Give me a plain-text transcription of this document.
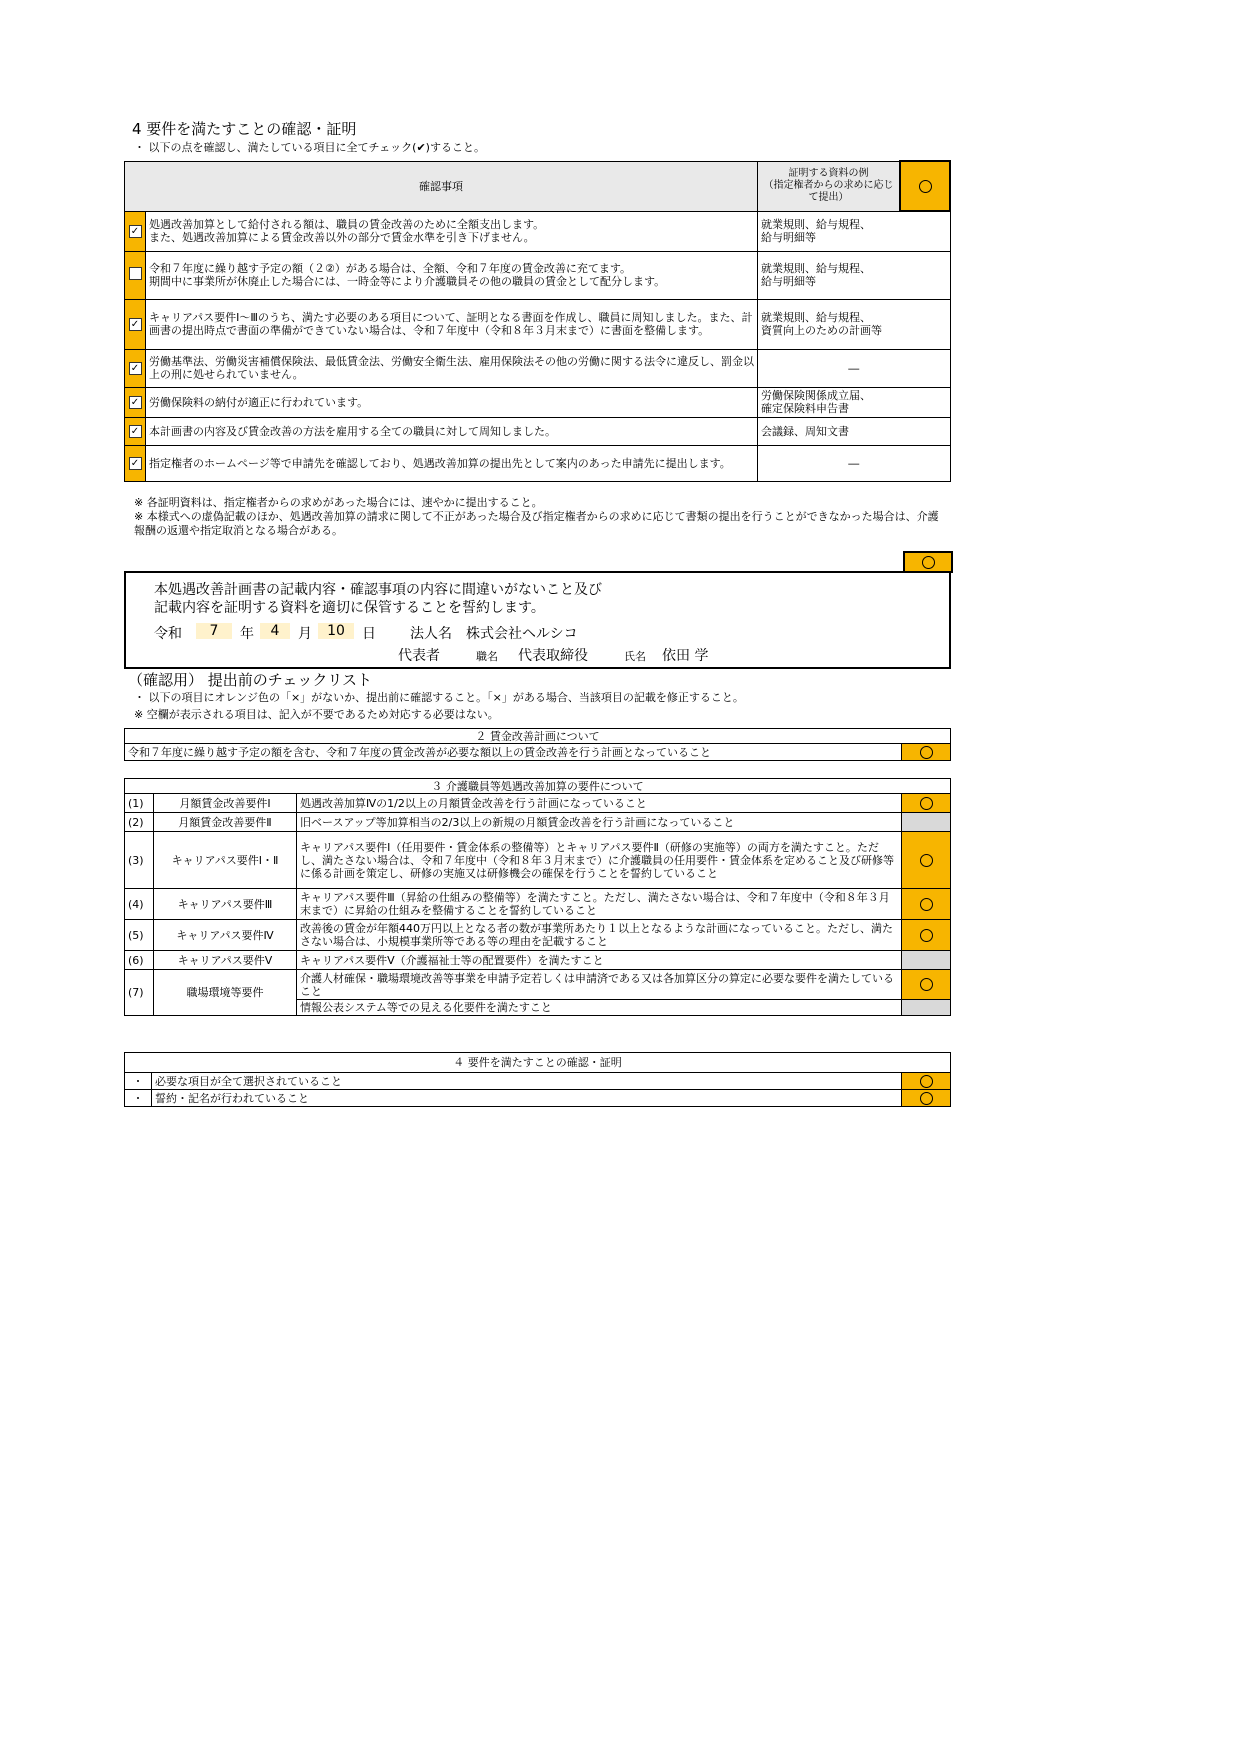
4 要件を満たすことの確認・証明
・ 以下の点を確認し、満たしている項目に全てチェック(✔)すること。
確認事項		証明する資料の例
（指定権者からの求めに応じて提出）	
✓	処遇改善加算として給付される額は、職員の賃金改善のために全額支出します。
また、処遇改善加算による賃金改善以外の部分で賃金水準を引き下げません。	就業規則、給与規程、
給与明細等	
	令和７年度に繰り越す予定の額（２②）がある場合は、全額、令和７年度の賃金改善に充てます。
期間中に事業所が休廃止した場合には、一時金等により介護職員その他の職員の賃金として配分します。	就業規則、給与規程、
給与明細等	
✓	キャリアパス要件Ⅰ～Ⅲのうち、満たす必要のある項目について、証明となる書面を作成し、職員に周知しました。また、計画書の提出時点で書面の準備ができていない場合は、令和７年度中（令和８年３月末まで）に書面を整備します。	就業規則、給与規程、
資質向上のための計画等	
✓	労働基準法、労働災害補償保険法、最低賃金法、労働安全衛生法、雇用保険法その他の労働に関する法令に違反し、罰金以上の刑に処せられていません。	―	
✓	労働保険料の納付が適正に行われています。	労働保険関係成立届、
確定保険料申告書	
✓	本計画書の内容及び賃金改善の方法を雇用する全ての職員に対して周知しました。	会議録、周知文書	
✓	指定権者のホームページ等で申請先を確認しており、処遇改善加算の提出先として案内のあった申請先に提出します。	―	
※ 各証明資料は、指定権者からの求めがあった場合には、速やかに提出すること。
※ 本様式への虚偽記載のほか、処遇改善加算の請求に関して不正があった場合及び指定権者からの求めに応じて書類の提出を行うことができなかった場合は、介護報酬の返還や指定取消となる場合がある。
本処遇改善計画書の記載内容・確認事項の内容に間違いがないこと及び
記載内容を証明する資料を適切に保管することを誓約します。
令和	7	年	4	月	10	日 法人名 株式会社ヘルシコ
代表者	職名 代表取締役	氏名 依田 学
（確認用） 提出前のチェックリスト
・ 以下の項目にオレンジ色の「×」がないか、提出前に確認すること。「×」がある場合、当該項目の記載を修正すること。
※ 空欄が表示される項目は、記入が不要であるため対応する必要はない。
２ 賃金改善計画について
令和７年度に繰り越す予定の額を含む、令和７年度の賃金改善が必要な額以上の賃金改善を行う計画となっていること	
３ 介護職員等処遇改善加算の要件について			
(1)	月額賃金改善要件Ⅰ	処遇改善加算Ⅳの1/2以上の月額賃金改善を行う計画になっていること	
(2)	月額賃金改善要件Ⅱ	旧ベースアップ等加算相当の2/3以上の新規の月額賃金改善を行う計画になっていること	
(3)	キャリアパス要件Ⅰ・Ⅱ	キャリアパス要件Ⅰ（任用要件・賃金体系の整備等）とキャリアパス要件Ⅱ（研修の実施等）の両方を満たすこと。ただし、満たさない場合は、令和７年度中（令和８年３月末まで）に介護職員の任用要件・賃金体系を定めること及び研修等に係る計画を策定し、研修の実施又は研修機会の確保を行うことを誓約していること	
(4)	キャリアパス要件Ⅲ	キャリアパス要件Ⅲ（昇給の仕組みの整備等）を満たすこと。ただし、満たさない場合は、令和７年度中（令和８年３月末まで）に昇給の仕組みを整備することを誓約していること	
(5)	キャリアパス要件Ⅳ	改善後の賃金が年額440万円以上となる者の数が事業所あたり１以上となるような計画になっていること。ただし、満たさない場合は、小規模事業所等である等の理由を記載すること	
(6)	キャリアパス要件Ⅴ	キャリアパス要件Ⅴ（介護福祉士等の配置要件）を満たすこと	
(7)	職場環境等要件	介護人材確保・職場環境改善等事業を申請予定若しくは申請済である又は各加算区分の算定に必要な要件を満たしていること	
		情報公表システム等での見える化要件を満たすこと	
４ 要件を満たすことの確認・証明		
・	必要な項目が全て選択されていること	
・	誓約・記名が行われていること	
